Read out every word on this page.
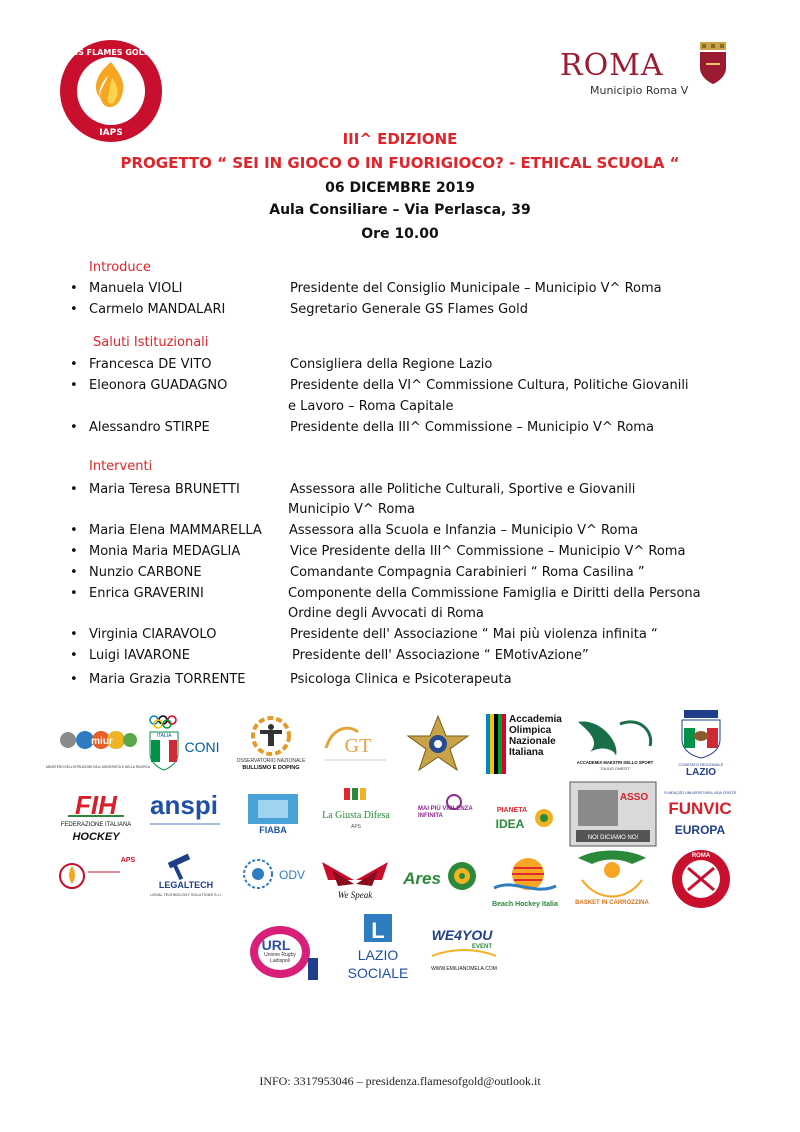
GS FLAMES GOLD
IAPS
ROMA
Municipio Roma V
III^ EDIZIONE
PROGETTO “ SEI IN GIOCO O IN FUORIGIOCO? - ETHICAL SCUOLA “
06 DICEMBRE 2019
Aula Consiliare – Via Perlasca, 39
Ore 10.00
Introduce
Saluti Istituzionali
Interventi
• Manuela VIOLI	Presidente del Consiglio Municipale – Municipio V^ Roma
• Carmelo MANDALARI	Segretario Generale GS Flames Gold
• Francesca DE VITO	Consigliera della Regione Lazio
• Eleonora GUADAGNO	Presidente della VI^ Commissione Cultura, Politiche Giovanili
e Lavoro – Roma Capitale
• Alessandro STIRPE	Presidente della III^ Commissione – Municipio V^ Roma
• Maria Teresa BRUNETTI	Assessora alle Politiche Culturali, Sportive e Giovanili
Municipio V^ Roma
• Maria Elena MAMMARELLA Assessora alla Scuola e Infanzia – Municipio V^ Roma
• Monia Maria MEDAGLIA	Vice Presidente della III^ Commissione – Municipio V^ Roma
• Nunzio CARBONE	Comandante Compagnia Carabinieri “ Roma Casilina ”
• Enrica GRAVERINI	Componente della Commissione Famiglia e Diritti della Persona
Ordine degli Avvocati di Roma
• Virginia CIARAVOLO	Presidente dell' Associazione “ Mai più violenza infinita “
• Luigi IAVARONE	Presidente dell' Associazione “ EMotivAzione”
• Maria Grazia TORRENTE	Psicologa Clinica e Psicoterapeuta
miur
MINISTERO DELL'ISTRUZIONE DELL'UNIVERSITÀ E DELLA RICERCA
ITALIA
CONI
OSSERVATORIO NAZIONALE
BULLISMO E DOPING
GT
Accademia Olimpica Nazionale Italiana
ACCADEMIA MAESTRI DELLO SPORT
"GIULIO ONESTI"
COMITATO REGIONALE
LAZIO
FIH
FEDERAZIONE ITALIANA
HOCKEY
anspi
FIABA
La Giusta Difesa
APS
MAI PIÙ VIOLENZA INFINITA
PIANETA
IDEA
ASSO
NOI DICIAMO NO!
FUNDAÇÃO UNIVERSITÁRIA VIDA CRISTÃ
FUNVIC
EUROPA
APS
LEGALTECH
LEGAL TECHNOLOGY SOLUTIONS S.r.l.
ODV
We Speak
Ares
Beach Hockey Italia	BASKET IN CARROZZINA
ROMA
URL
Unione Rugby Ladispoli
L
LAZIO
SOCIALE
WE4YOU
EVENT
WWW.EMILIANOMELA.COM
INFO: 3317953046 – presidenza.flamesofgold@outlook.it
